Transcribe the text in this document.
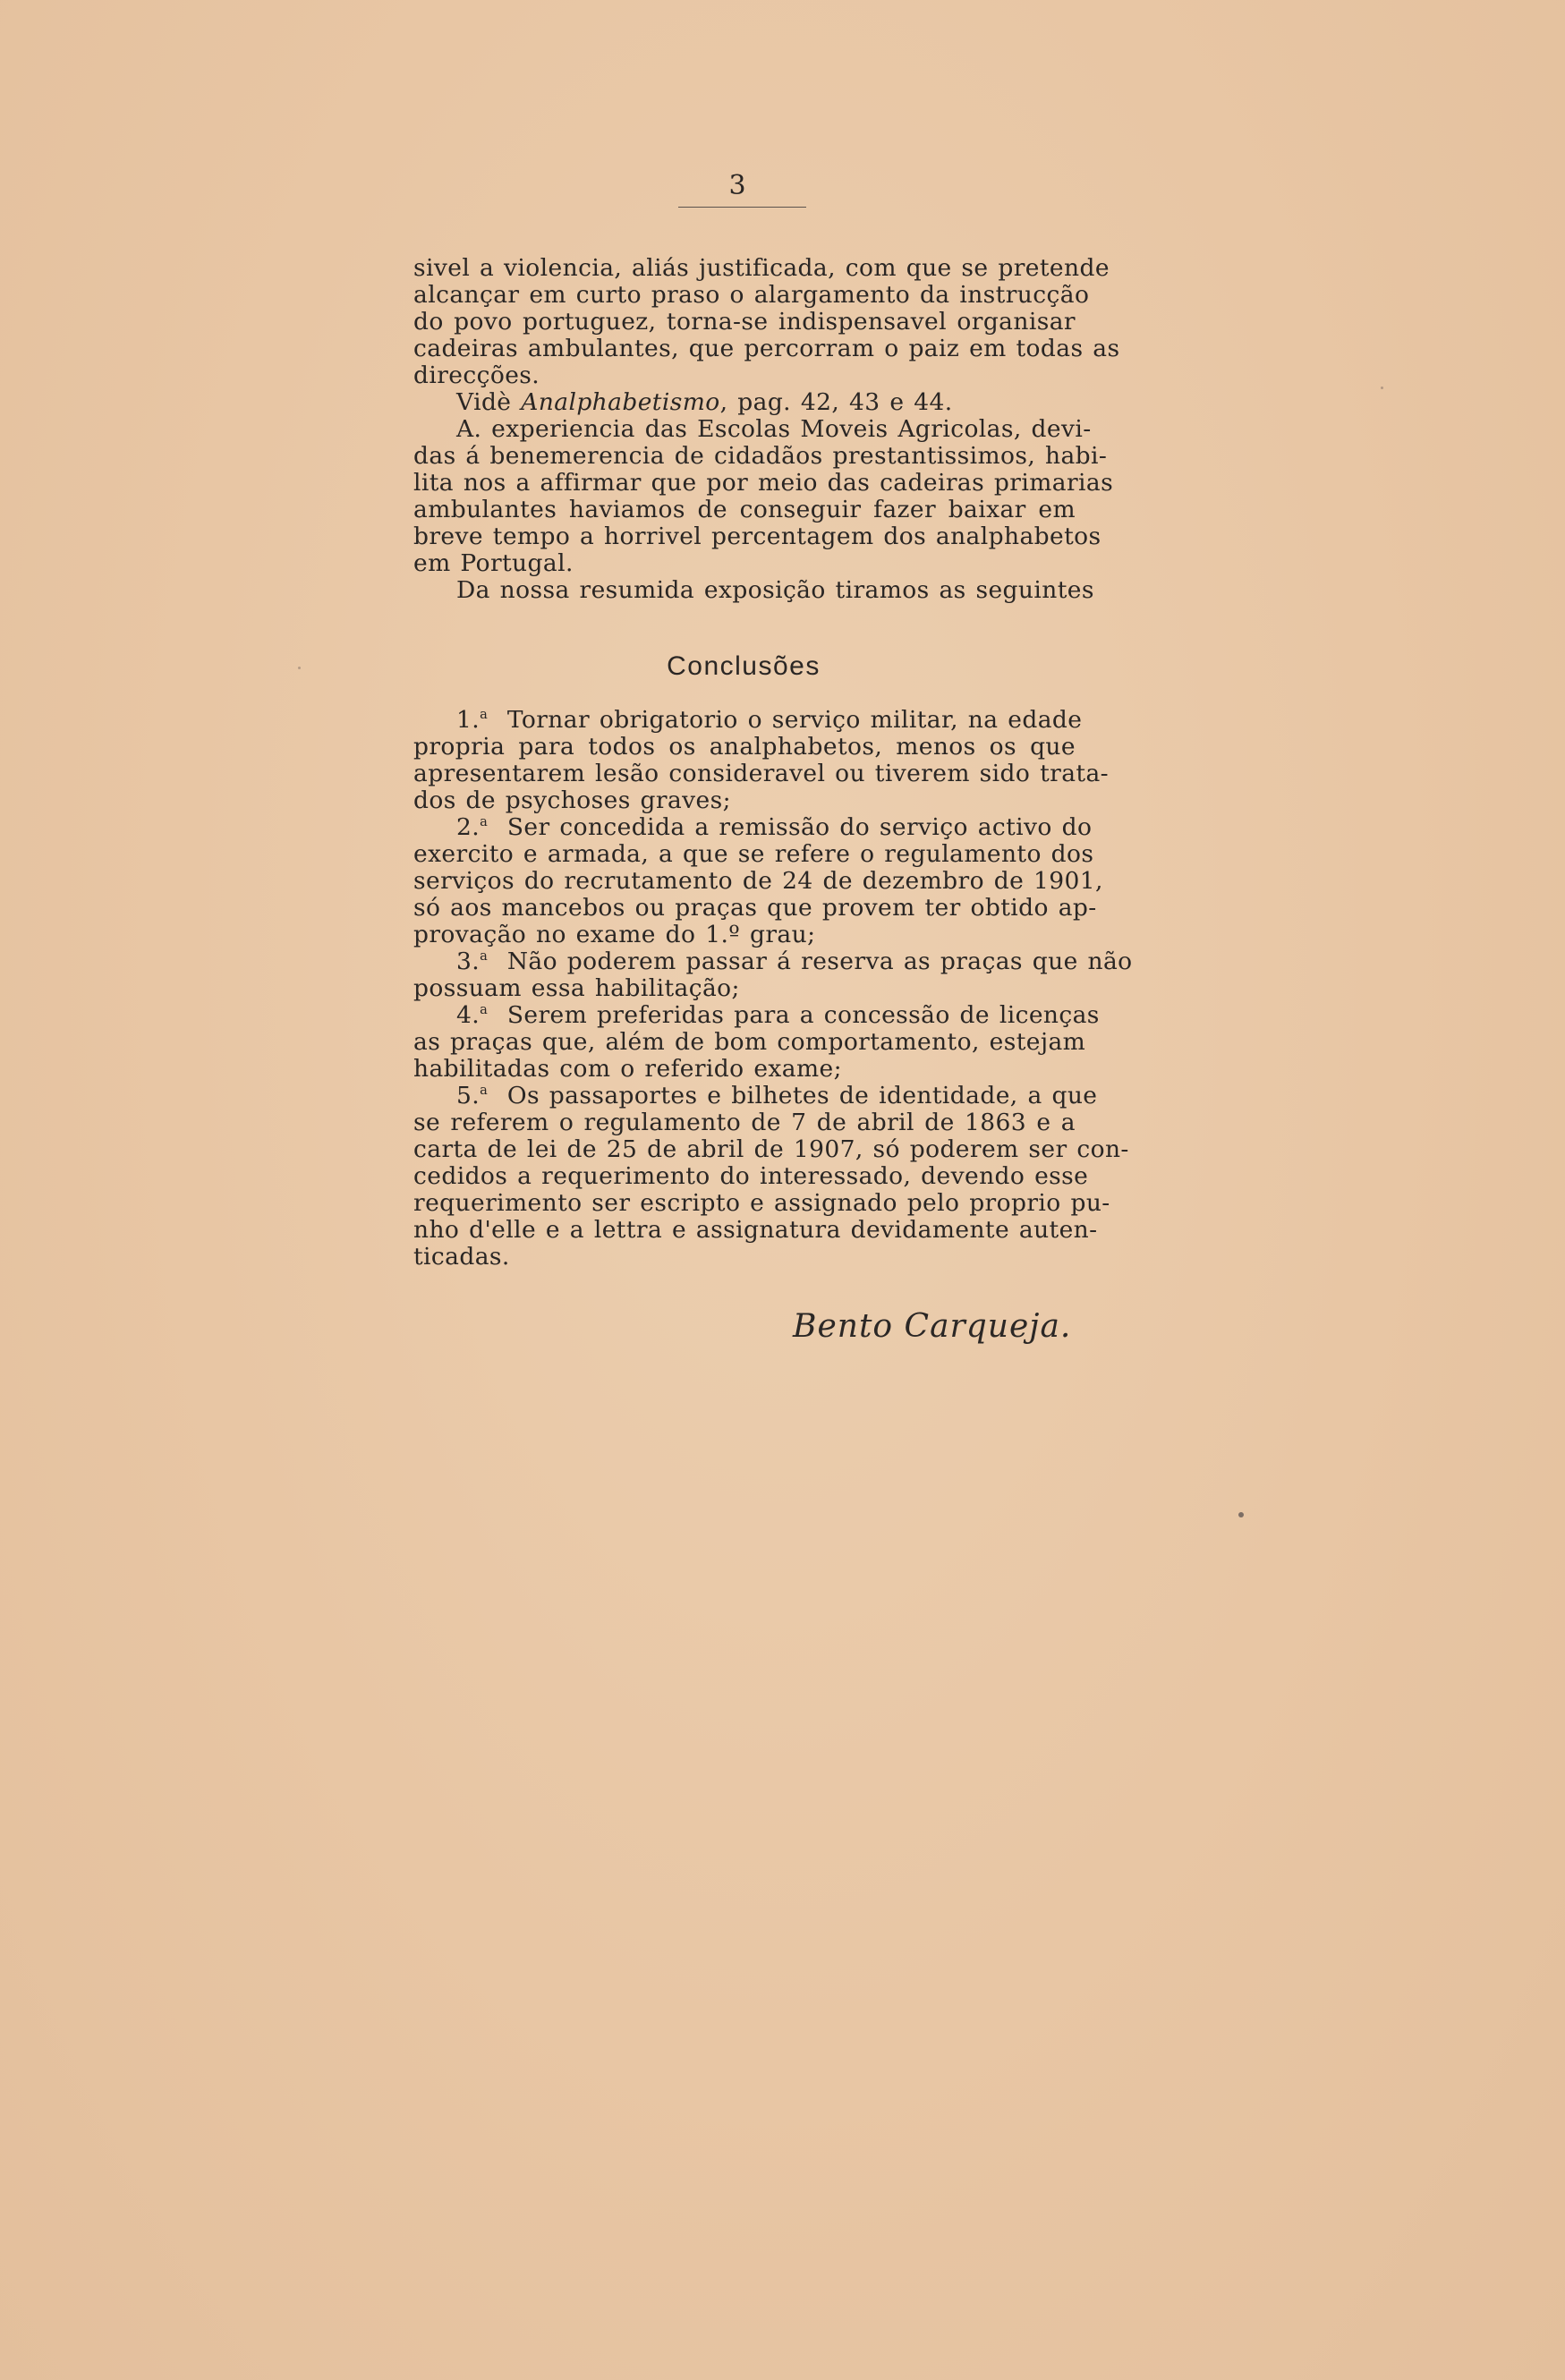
3
sivel a violencia, aliás justificada, com que se pretende
alcançar em curto praso o alargamento da instrucção
do povo portuguez, torna-se indispensavel organisar
cadeiras ambulantes, que percorram o paiz em todas as
direcções.
Vidè Analphabetismo, pag. 42, 43 e 44.
A. experiencia das Escolas Moveis Agricolas, devi-
das á benemerencia de cidadãos prestantissimos, habi-
lita nos a affirmar que por meio das cadeiras primarias
ambulantes haviamos de conseguir fazer baixar em
breve tempo a horrivel percentagem dos analphabetos
em Portugal.
Da nossa resumida exposição tiramos as seguintes
Conclusões
1.$^a$ Tornar obrigatorio o serviço militar, na edade
propria para todos os analphabetos, menos os que
apresentarem lesão consideravel ou tiverem sido trata-
dos de psychoses graves;
2.$^a$ Ser concedida a remissão do serviço activo do
exercito e armada, a que se refere o regulamento dos
serviços do recrutamento de 24 de dezembro de 1901,
só aos mancebos ou praças que provem ter obtido ap-
provação no exame do 1.º grau;
3.$^a$ Não poderem passar á reserva as praças que não
possuam essa habilitação;
4.$^a$ Serem preferidas para a concessão de licenças
as praças que, além de bom comportamento, estejam
habilitadas com o referido exame;
5.$^a$ Os passaportes e bilhetes de identidade, a que
se referem o regulamento de 7 de abril de 1863 e a
carta de lei de 25 de abril de 1907, só poderem ser con-
cedidos a requerimento do interessado, devendo esse
requerimento ser escripto e assignado pelo proprio pu-
nho d'elle e a lettra e assignatura devidamente auten-
ticadas.
Bento Carqueja.
